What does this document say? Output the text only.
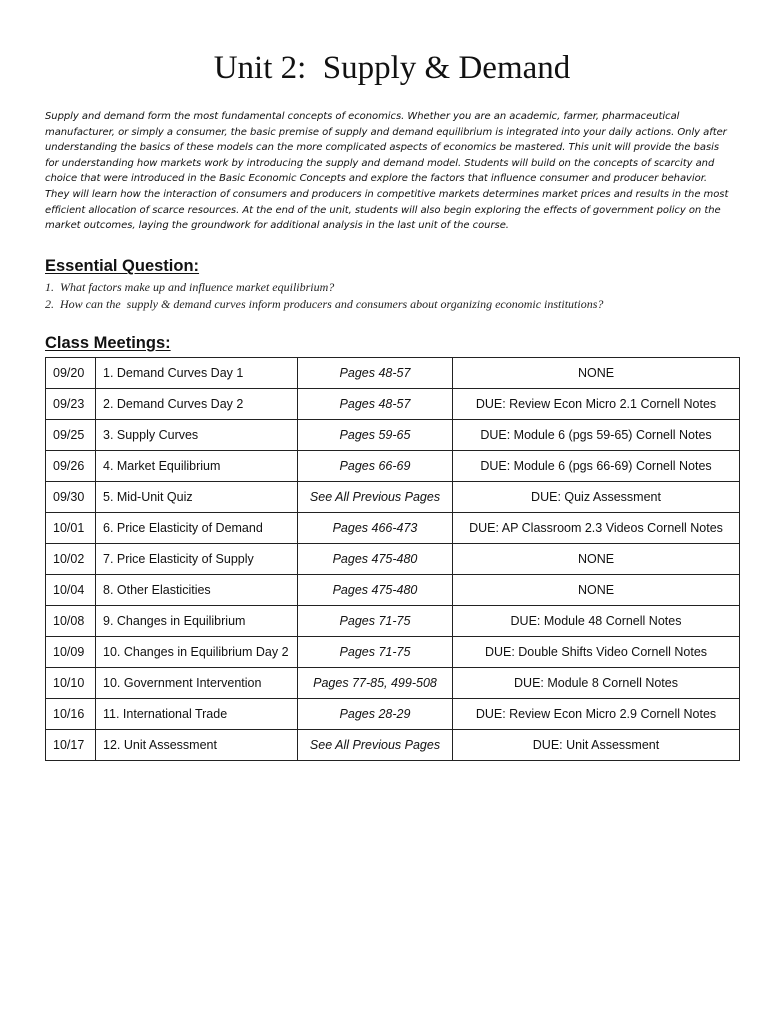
Unit 2:  Supply & Demand
Supply and demand form the most fundamental concepts of economics. Whether you are an academic, farmer, pharmaceutical
manufacturer, or simply a consumer, the basic premise of supply and demand equilibrium is integrated into your daily actions. Only after
understanding the basics of these models can the more complicated aspects of economics be mastered. This unit will provide the basis
for understanding how markets work by introducing the supply and demand model. Students will build on the concepts of scarcity and
choice that were introduced in the Basic Economic Concepts and explore the factors that influence consumer and producer behavior.
They will learn how the interaction of consumers and producers in competitive markets determines market prices and results in the most
efficient allocation of scarce resources. At the end of the unit, students will also begin exploring the effects of government policy on the
market outcomes, laying the groundwork for additional analysis in the last unit of the course.
Essential Question:
1.  What factors make up and influence market equilibrium?
2.  How can the  supply & demand curves inform producers and consumers about organizing economic institutions?
Class Meetings:
09/20	1. Demand Curves Day 1	Pages 48-57	NONE
09/23	2. Demand Curves Day 2	Pages 48-57	DUE: Review Econ Micro 2.1 Cornell Notes
09/25	3. Supply Curves	Pages 59-65	DUE: Module 6 (pgs 59-65) Cornell Notes
09/26	4. Market Equilibrium	Pages 66-69	DUE: Module 6 (pgs 66-69) Cornell Notes
09/30	5. Mid-Unit Quiz	See All Previous Pages	DUE: Quiz Assessment
10/01	6. Price Elasticity of Demand	Pages 466-473	DUE: AP Classroom 2.3 Videos Cornell Notes
10/02	7. Price Elasticity of Supply	Pages 475-480	NONE
10/04	8. Other Elasticities	Pages 475-480	NONE
10/08	9. Changes in Equilibrium	Pages 71-75	DUE: Module 48 Cornell Notes
10/09	10. Changes in Equilibrium Day 2	Pages 71-75	DUE: Double Shifts Video Cornell Notes
10/10	10. Government Intervention	Pages 77-85, 499-508	DUE: Module 8 Cornell Notes
10/16	11. International Trade	Pages 28-29	DUE: Review Econ Micro 2.9 Cornell Notes
10/17	12. Unit Assessment	See All Previous Pages	DUE: Unit Assessment
